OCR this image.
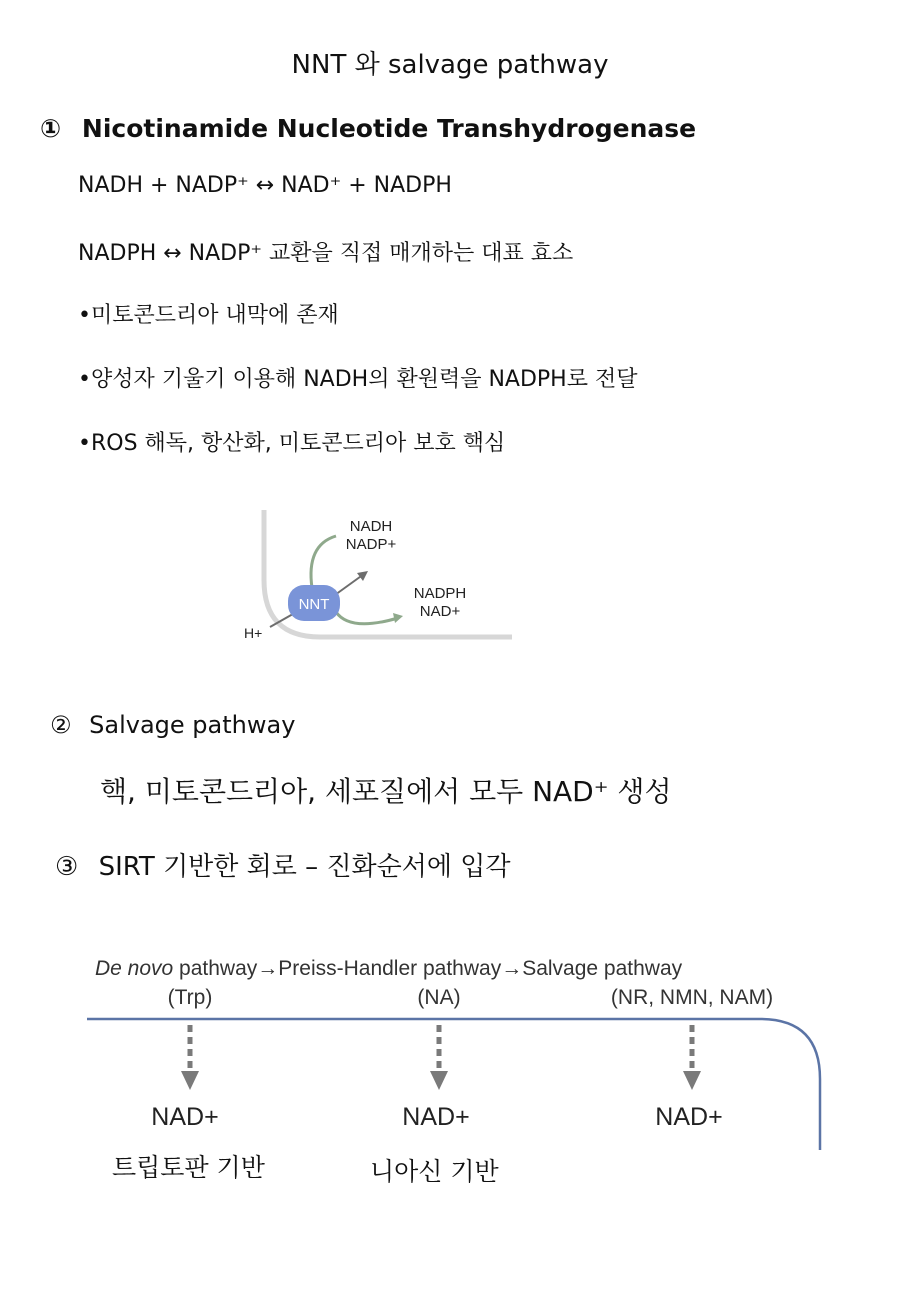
NNT 와 salvage pathway
① Nicotinamide Nucleotide Transhydrogenase
NADH + NADP⁺ ↔ NAD⁺ + NADPH
NADPH ↔ NADP⁺ 교환을 직접 매개하는 대표 효소
•미토콘드리아 내막에 존재
•양성자 기울기 이용해 NADH의 환원력을 NADPH로 전달
•ROS 해독, 항산화, 미토콘드리아 보호 핵심
NNT
NADH
NADP+
NADPH
NAD+
H+
② Salvage pathway
핵, 미토콘드리아, 세포질에서 모두 NAD⁺ 생성
③ SIRT 기반한 회로 – 진화순서에 입각
De novo pathway→Preiss-Handler pathway→Salvage pathway
(Trp)	(NA)	(NR, NMN, NAM)
NAD+	NAD+	NAD+
트립토판 기반	니아신 기반
